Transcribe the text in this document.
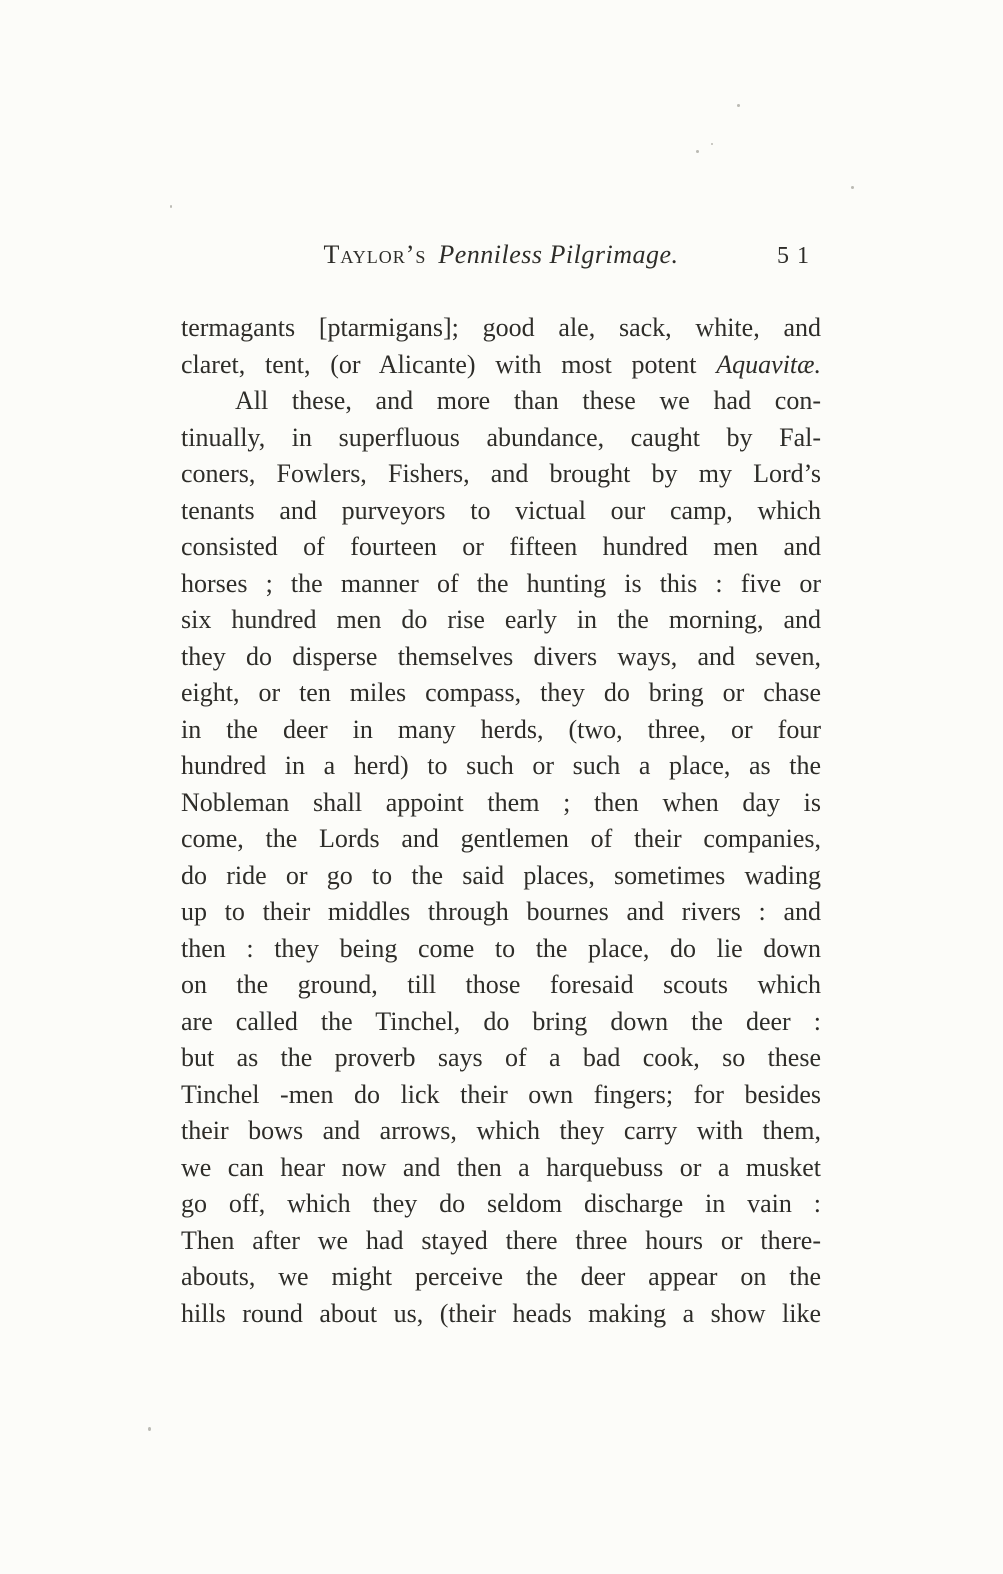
Taylor’s Penniless Pilgrimage.	51
termagants [ptarmigans]; good ale, sack, white, and
claret, tent, (or Alicante) with most potent Aquavitæ.
All these, and more than these we had con-
tinually, in superfluous abundance, caught by Fal-
coners, Fowlers, Fishers, and brought by my Lord’s
tenants and purveyors to victual our camp, which
consisted of fourteen or fifteen hundred men and
horses ; the manner of the hunting is this : five or
six hundred men do rise early in the morning, and
they do disperse themselves divers ways, and seven,
eight, or ten miles compass, they do bring or chase
in the deer in many herds, (two, three, or four
hundred in a herd) to such or such a place, as the
Nobleman shall appoint them ; then when day is
come, the Lords and gentlemen of their companies,
do ride or go to the said places, sometimes wading
up to their middles through bournes and rivers : and
then : they being come to the place, do lie down
on the ground, till those foresaid scouts which
are called the Tinchel, do bring down the deer :
but as the proverb says of a bad cook, so these
Tinchel -men do lick their own fingers; for besides
their bows and arrows, which they carry with them,
we can hear now and then a harquebuss or a musket
go off, which they do seldom discharge in vain :
Then after we had stayed there three hours or there-
abouts, we might perceive the deer appear on the
hills round about us, (their heads making a show like
